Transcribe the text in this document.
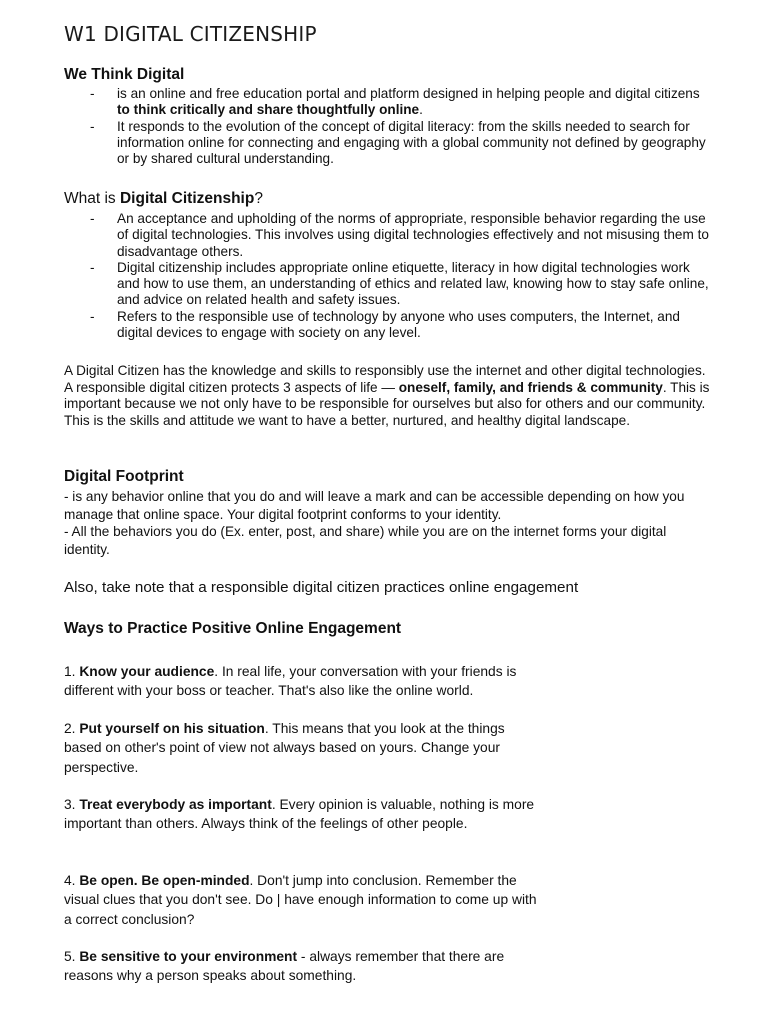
W1 DIGITAL CITIZENSHIP
We Think Digital
- is an online and free education portal and platform designed in helping people and digital citizens to think critically and share thoughtfully online.
- It responds to the evolution of the concept of digital literacy: from the skills needed to search for information online for connecting and engaging with a global community not defined by geography or by shared cultural understanding.
What is Digital Citizenship?
- An acceptance and upholding of the norms of appropriate, responsible behavior regarding the use of digital technologies. This involves using digital technologies effectively and not misusing them to disadvantage others.
- Digital citizenship includes appropriate online etiquette, literacy in how digital technologies work and how to use them, an understanding of ethics and related law, knowing how to stay safe online, and advice on related health and safety issues.
- Refers to the responsible use of technology by anyone who uses computers, the Internet, and digital devices to engage with society on any level.

A Digital Citizen has the knowledge and skills to responsibly use the internet and other digital technologies. A responsible digital citizen protects 3 aspects of life — oneself, family, and friends & community. This is important because we not only have to be responsible for ourselves but also for others and our community. This is the skills and attitude we want to have a better, nurtured, and healthy digital landscape.

Digital Footprint

- is any behavior online that you do and will leave a mark and can be accessible depending on how you manage that online space. Your digital footprint conforms to your identity.

- All the behaviors you do (Ex. enter, post, and share) while you are on the internet forms your digital identity.

Also, take note that a responsible digital citizen practices online engagement

Ways to Practice Positive Online Engagement

1. Know your audience. In real life, your conversation with your friends is different with your boss or teacher. That's also like the online world.

2. Put yourself on his situation. This means that you look at the things based on other's point of view not always based on yours. Change your perspective.

3. Treat everybody as important. Every opinion is valuable, nothing is more important than others. Always think of the feelings of other people.

4. Be open. Be open-minded. Don't jump into conclusion. Remember the visual clues that you don't see. Do | have enough information to come up with a correct conclusion?

5. Be sensitive to your environment - always remember that there are reasons why a person speaks about something.
